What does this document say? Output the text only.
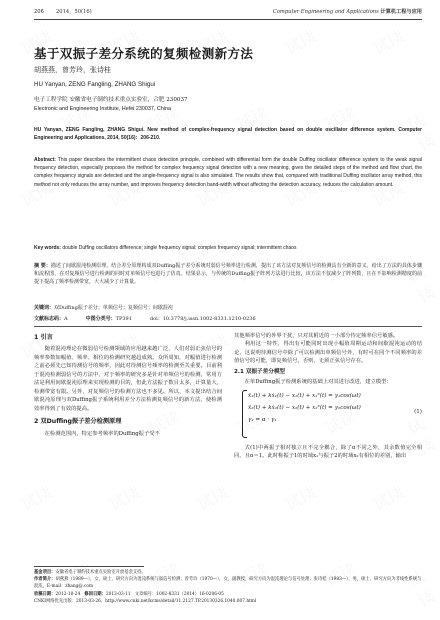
206	2014，50(16)	Computer Engineering and Applications 计算机工程与应用
基于双振子差分系统的复频检测新方法
胡燕燕，曾芳玲，张诗桂
HU Yanyan, ZENG Fangling, ZHANG Shigui
电子工程学院 安徽省电子制约技术重点实验室，合肥 230037
Electronic and Engineering Institute, Hefei 230037, China
HU Yanyan, ZENG Fangling, ZHANG Shigui. New method of complex-frequency signal detection based on double oscillator difference system. Computer Engineering and Applications, 2014, 50(16)：206-210.
Abstract: This paper describes the intermittent chaos detection principle, combined with differential form the double Duffing oscillator difference system to the weak signal frequency detection, especially proposes the method for complex frequency signal detection with a new meaning, gives the detailed steps of the method and flow chart, the complex frequency signals are detected and the single-frequency signal is also simulated. The results show that, compared with traditional Duffing oscillator array method, this method not only reduces the array number, and improves frequency detection band-width without affecting the detection accuracy, reduces the calculation amount.
Key words: double Duffing oscillators difference; single frequency signal; complex frequency signal; intermittent chaos
摘 要：描述了间歇混沌检测原理，结合差分原理构成双Duffing振子差分系统对弱信号频率进行检测，提出了该方法对复频信号的检测具有全新的意义，给出了方法的具体步骤和流程图，在对复频信号进行检测的同时对单频信号也进行了仿真。结果显示，与传统的Duffing振子阵列方法进行比较，该方法不仅减少了阵列数，且在不影响检测精度的前提下提高了频率检测带宽，大大减少了计算量。
关键词：双Duffing振子差分；单频信号；复频信号；间歇混沌
文献标志码：A	中图分类号：TP391	doi：10.3778/j.issn.1002-8331.1210-0236
1 引言
随着混沌理论在微弱信号检测领域的应用越来越广泛，人们对弱正弦信号的频率参数如幅值、频率、相位的检测研究越趋成熟。众所周知，对幅值进行检测之前必须先已知待测信号的频率，因此对待测信号频率的检测至关重要。目前利于混沌检测弱信号的方法中，对于频率的研究多是针对单频信号的检测，常用方法是利用间歇混沌原理来实现检测的目的，但此方法振子数目太多，计算量大，检测带宽有限。另外，对复频信号的检测方法也不多见。所以，本文提出结合间歇混沌原理与双Duffing振子系统利用差分方法检测复频信号的新方法，使检测效率得到了有效的提高。
2 双Duffing振子差分检测原理
在检测范围内，特定参考频率的Duffing振子受不
其他频率信号的外界干扰，只对其附近的一小部分待定频率信号敏感。
利用这一特性，得出有可能同时出现小幅值周期运动和间歇混沌运动的结论，这说明待测信号中除了可以检测出单频信号外，有时可在同个不同频率的差值信号的可能，即复频信号，否则，无须正弦信号存在。
2.1 双振子差分模型
在单Duffing振子检测系统的基础上对其进行改进，建立模型：
ẍ₁(t) + kẋ₁(t) − x₁(t) + x₁³(t) = γ₁cos(ωt)
ẍ₂(t) + kẋ₂(t) − x₂(t) + x₂³(t) = γ₂cos(ωt)
γ₂ = α · γ₁
(1)
式(1)中两振子相对独立且不完全耦合，除了α不同之外，其余数值完全相同，且α＝1。此时称振子1的时域x₁与振子2的时域x₂有相位的差别，输出
基金项目：安徽省电子制约技术重点实验室开放基金支持。
作者简介：胡燕燕（1989—），女，硕士，研究方向为混沌系统与弱信号检测；曾芳玲（1970—），女，副教授，研究方向为混沌理论与信号处理；张诗桂（1983—），男，硕士，研究方向为非线性系统与混沌。E-mail：zhang@.com
收稿日期：2012-10-24 修回日期：2013-03-11 文章编号：1002-8331（2014）16-0206-05
CNKI网络优先出版：2013-03-26，http://www.cnki.net/kcms/detail/11.2127.TP.20130326.1040.007.html
